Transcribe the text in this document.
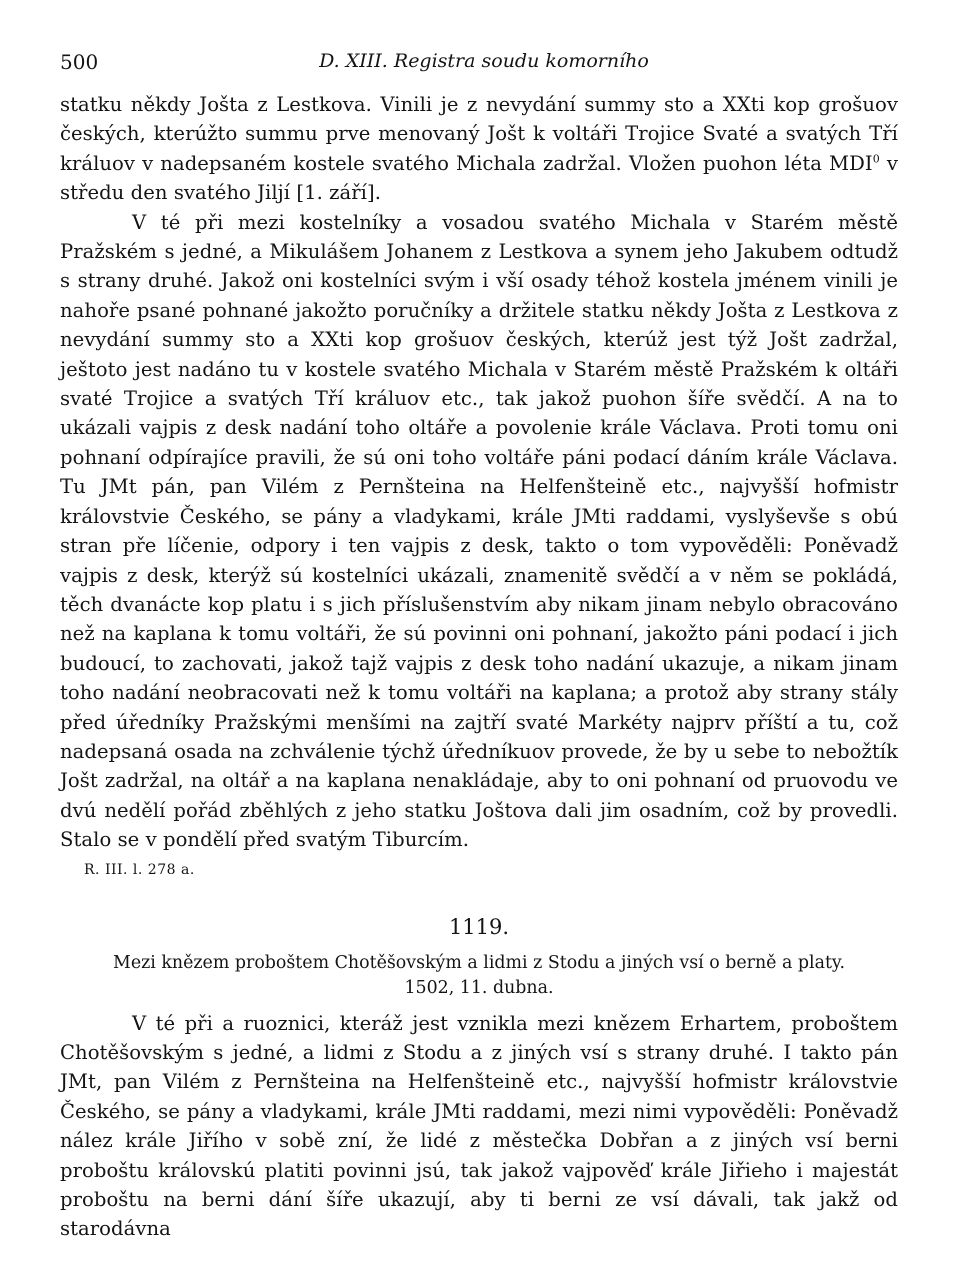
500	D. XIII. Registra soudu komorního

statku někdy Jošta z Lestkova. Vinili je z nevydání summy sto a XXti kop grošuov českých, kterúžto summu prve menovaný Jošt k voltáři Trojice Svaté a svatých Tří králuov v nadepsaném kostele svatého Michala zadržal. Vložen puohon léta MDI$^0$ v středu den svatého Jiljí [1. září].

V té při mezi kostelníky a vosadou svatého Michala v Starém městě Pražském s jedné, a Mikulášem Johanem z Lestkova a synem jeho Jakubem odtudž s strany druhé. Jakož oni kostelníci svým i vší osady téhož kostela jménem vinili je nahoře psané pohnané jakožto poručníky a držitele statku někdy Jošta z Lestkova z nevydání summy sto a XXti kop grošuov českých, kterúž jest týž Jošt zadržal, ještoto jest nadáno tu v kostele svatého Michala v Starém městě Pražském k oltáři svaté Trojice a svatých Tří králuov etc., tak jakož puohon šíře svědčí. A na to ukázali vajpis z desk nadání toho oltáře a povolenie krále Václava. Proti tomu oni pohnaní odpírajíce pravili, že sú oni toho voltáře páni podací dáním krále Václava. Tu JMt pán, pan Vilém z Pernšteina na Helfenšteině etc., najvyšší hofmistr královstvie Českého, se pány a vladykami, krále JMti raddami, vyslyševše s obú stran pře líčenie, odpory i ten vajpis z desk, takto o tom vypověděli: Poněvadž vajpis z desk, kterýž sú kostelníci ukázali, znamenitě svědčí a v něm se pokládá, těch dvanácte kop platu i s jich příslušenstvím aby nikam jinam nebylo obracováno než na kaplana k tomu voltáři, že sú povinni oni pohnaní, jakožto páni podací i jich budoucí, to zachovati, jakož tajž vajpis z desk toho nadání ukazuje, a nikam jinam toho nadání neobracovati než k tomu voltáři na kaplana; a protož aby strany stály před úředníky Pražskými menšími na zajtří svaté Markéty najprv příští a tu, což nadepsaná osada na zchválenie týchž úředníkuov provede, že by u sebe to nebožtík Jošt zadržal, na oltář a na kaplana nenakládaje, aby to oni pohnaní od pruovodu ve dvú nedělí pořád zběhlých z jeho statku Joštova dali jim osadním, což by provedli. Stalo se v pondělí před svatým Tiburcím.

R. III. l. 278 a.
1119.
Mezi knězem proboštem Chotěšovským a lidmi z Stodu a jiných vsí o berně a platy.
1502, 11. dubna.

V té při a ruoznici, kteráž jest vznikla mezi knězem Erhartem, proboštem Chotěšovským s jedné, a lidmi z Stodu a z jiných vsí s strany druhé. I takto pán JMt, pan Vilém z Pernšteina na Helfenšteině etc., najvyšší hofmistr královstvie Českého, se pány a vladykami, krále JMti raddami, mezi nimi vypověděli: Poněvadž nález krále Jiřího v sobě zní, že lidé z městečka Dobřan a z jiných vsí berni proboštu královskú platiti povinni jsú, tak jakož vajpověď krále Jiřieho i majestát proboštu na berni dání šíře ukazují, aby ti berni ze vsí dávali, tak jakž od starodávna
